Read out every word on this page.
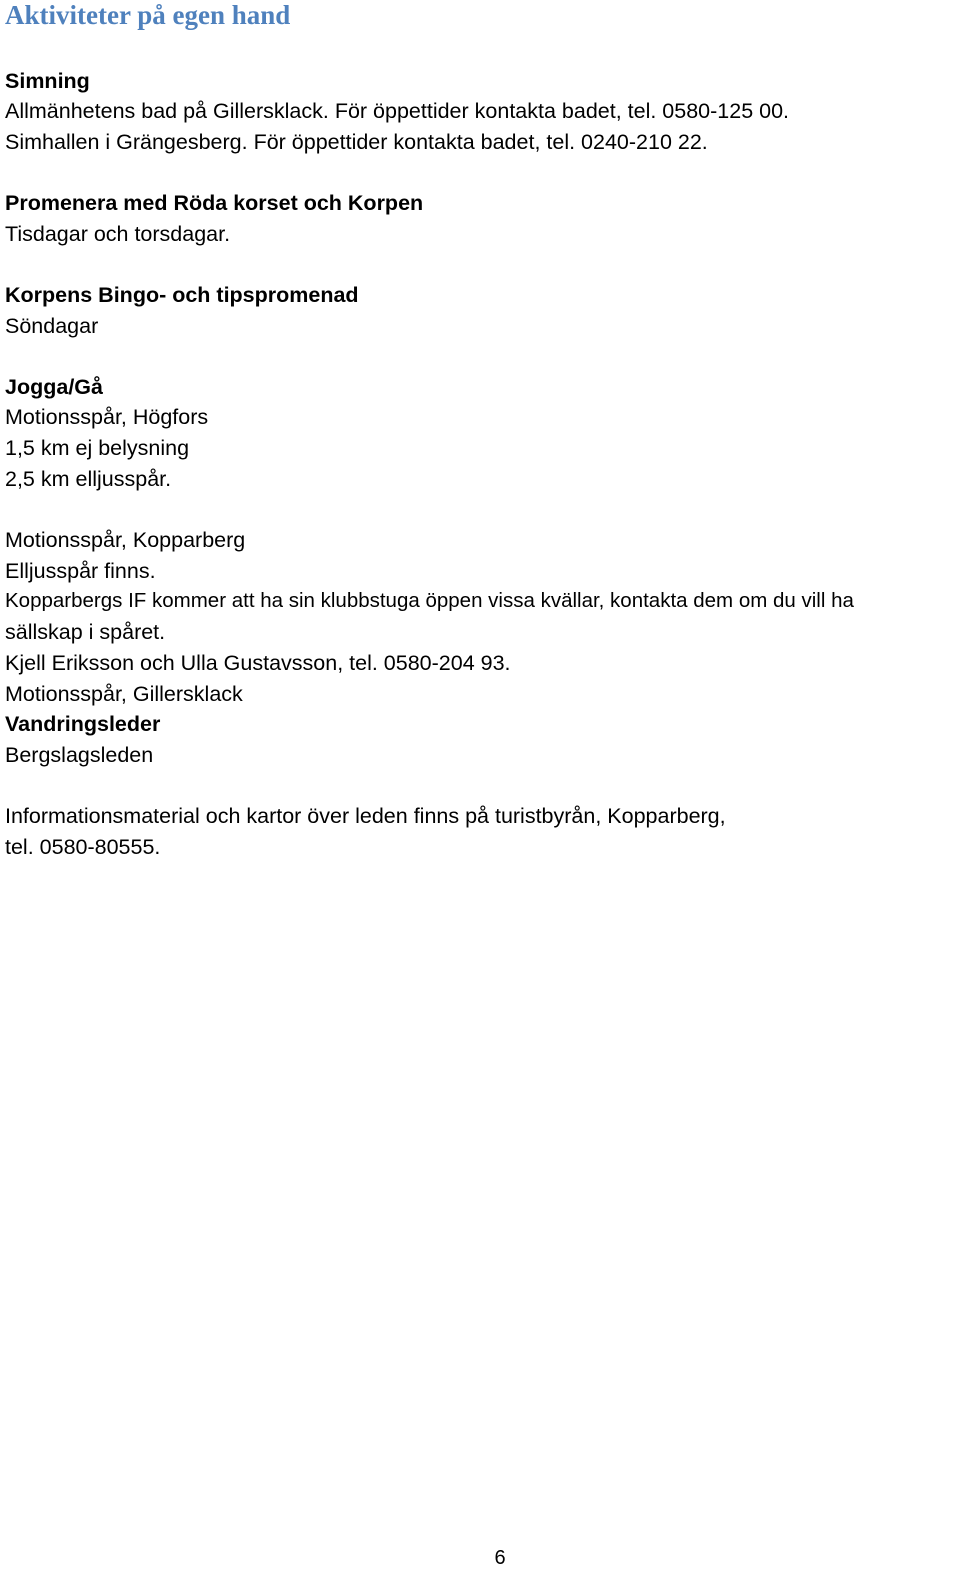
Aktiviteter på egen hand

Simning

Allmänhetens bad på Gillersklack. För öppettider kontakta badet, tel. 0580-125 00.

Simhallen i Grängesberg. För öppettider kontakta badet, tel. 0240-210 22.

Promenera med Röda korset och Korpen

Tisdagar och torsdagar.

Korpens Bingo- och tipspromenad

Söndagar

Jogga/Gå

Motionsspår, Högfors

1,5 km ej belysning

2,5 km elljusspår.

Motionsspår, Kopparberg

Elljusspår finns.

Kopparbergs IF kommer att ha sin klubbstuga öppen vissa kvällar, kontakta dem om du vill ha

sällskap i spåret.

Kjell Eriksson och Ulla Gustavsson, tel. 0580-204 93.

Motionsspår, Gillersklack

Vandringsleder

Bergslagsleden

Informationsmaterial och kartor över leden finns på turistbyrån, Kopparberg,

tel. 0580-80555.

6
